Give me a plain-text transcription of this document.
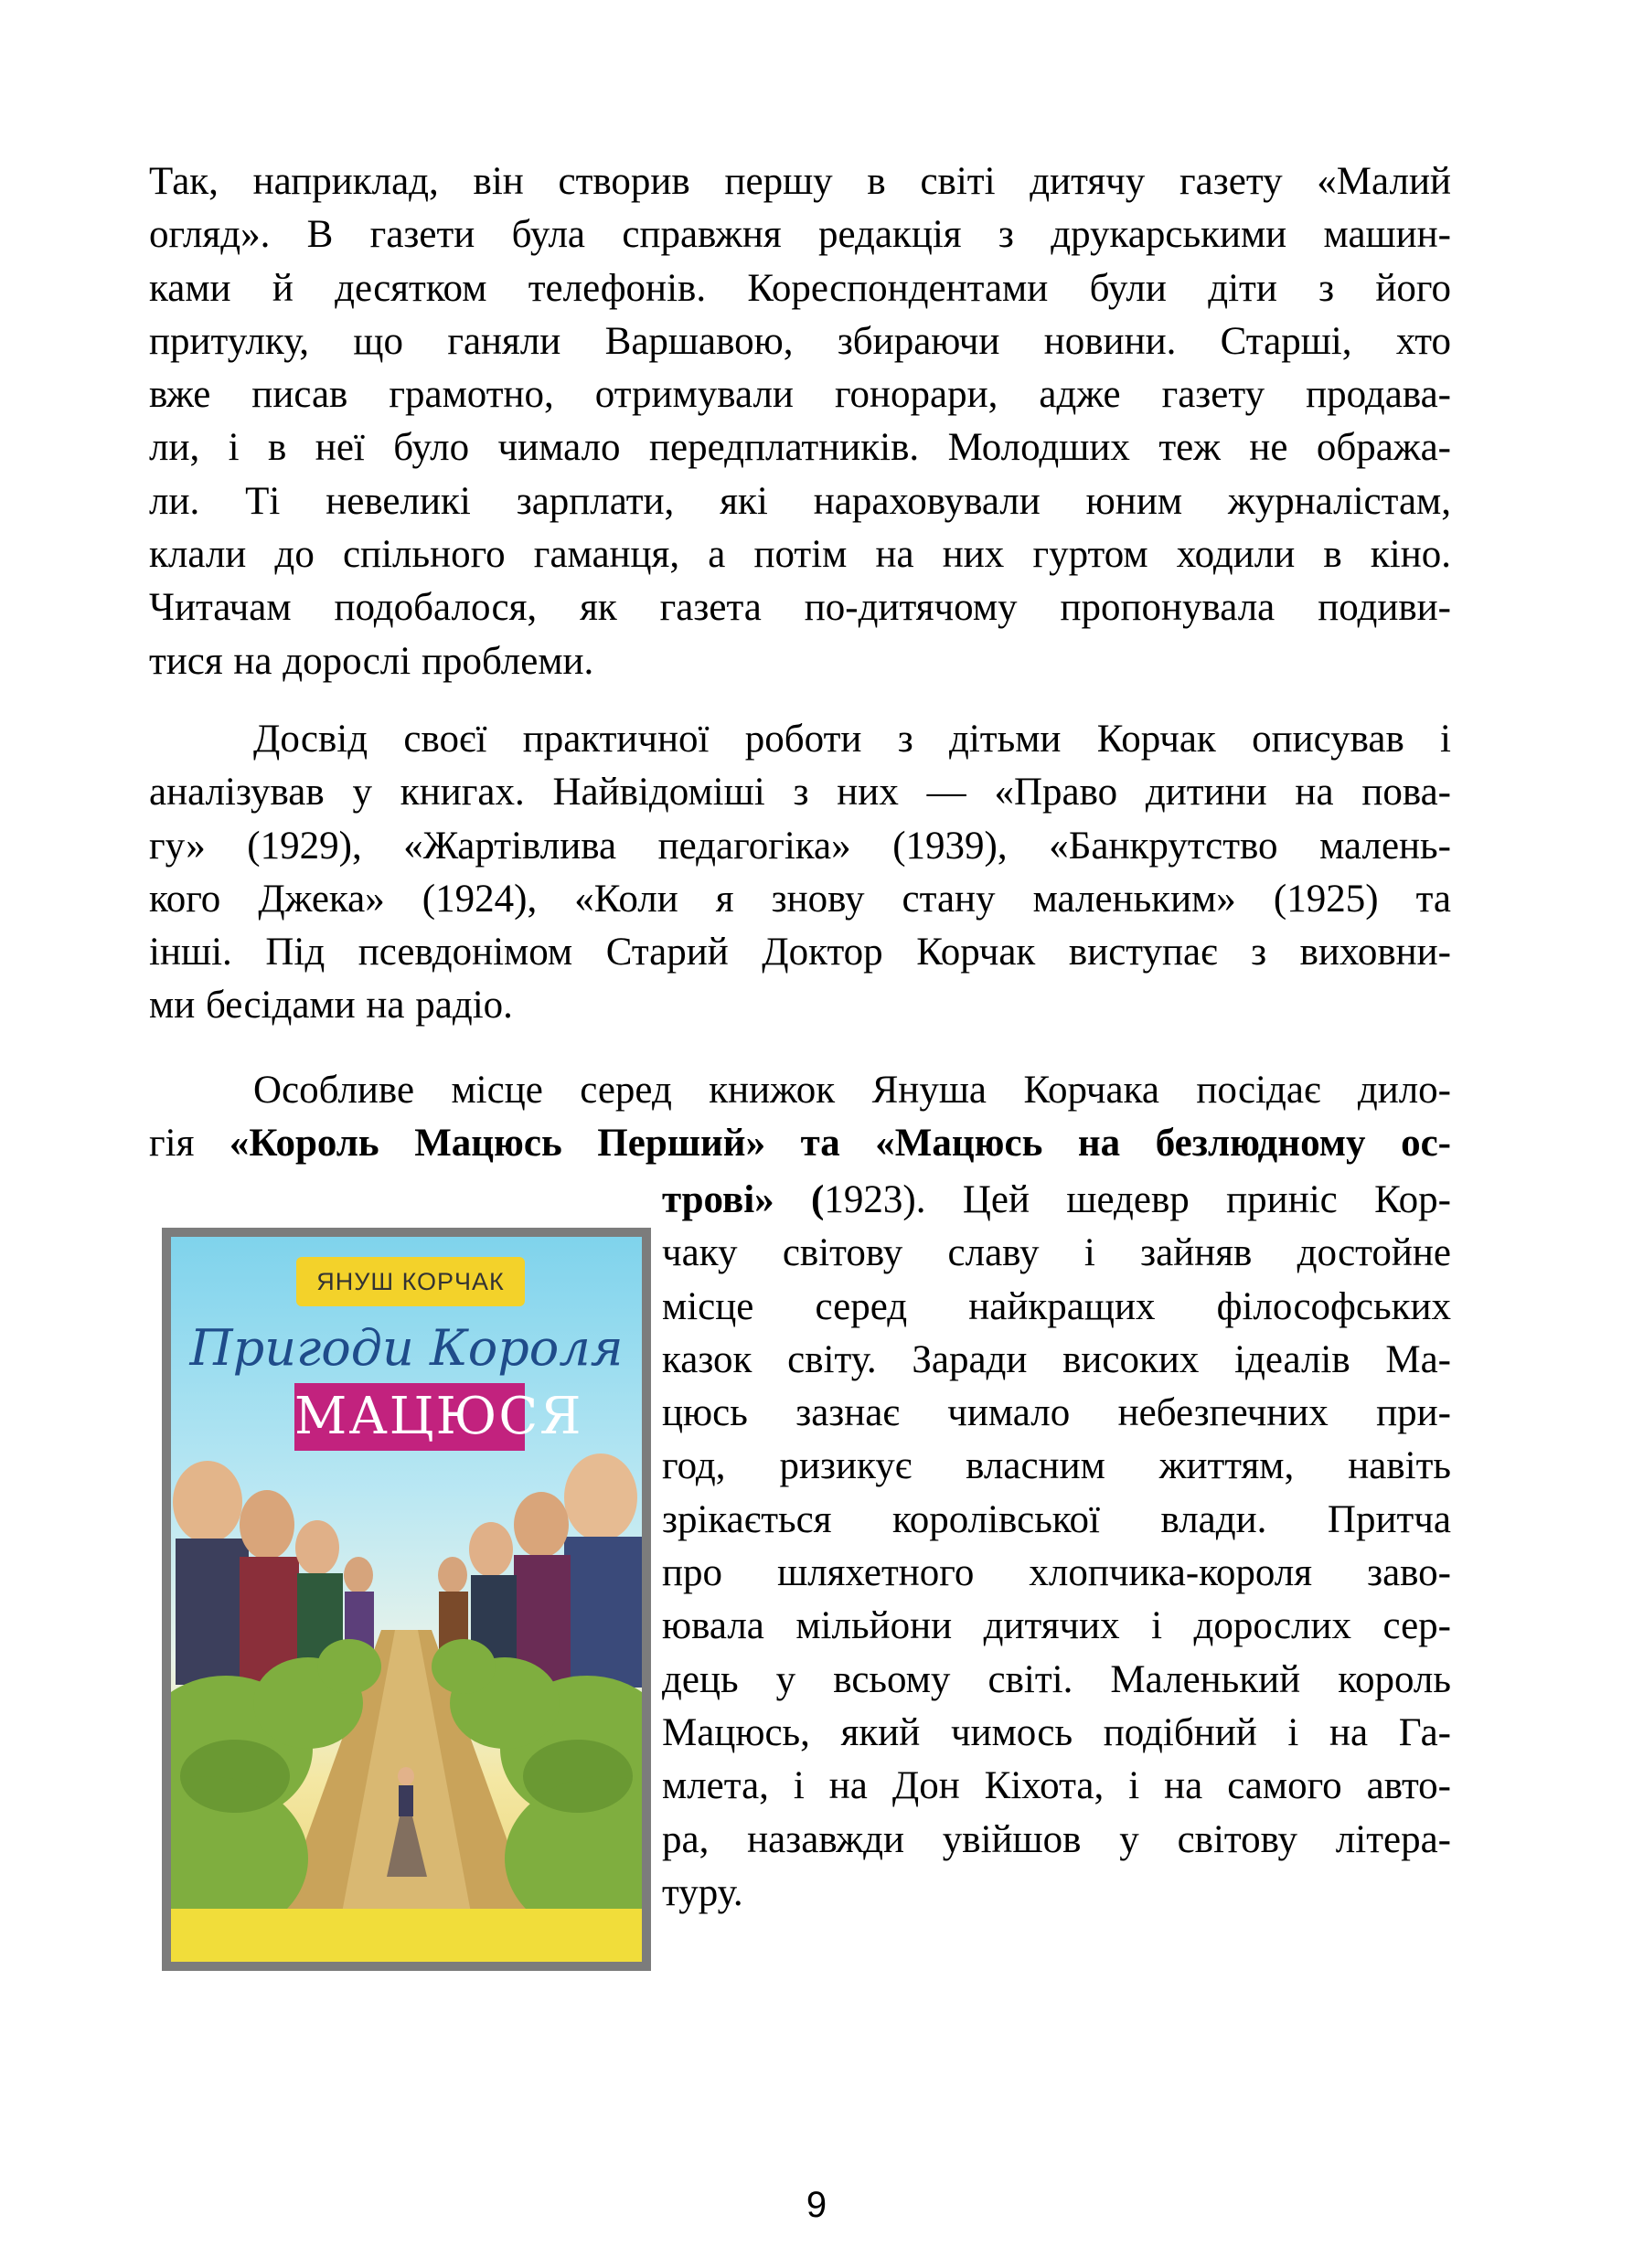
Так, наприклад, він створив першу в світі дитячу газету «Малий
огляд». В газети була справжня редакція з друкарськими машин-
ками й десятком телефонів. Кореспондентами були діти з його
притулку, що ганяли Варшавою, збираючи новини. Старші, хто
вже писав грамотно, отримували гонорари, адже газету продава-
ли, і в неї було чимало передплатників. Молодших теж не обража-
ли. Ті невеликі зарплати, які нараховували юним журналістам,
клали до спільного гаманця, а потім на них гуртом ходили в кіно.
Читачам подобалося, як газета по-дитячому пропонувала подиви-
тися на дорослі проблеми.
Досвід своєї практичної роботи з дітьми Корчак описував і
аналізував у книгах. Найвідоміші з них — «Право дитини на пова-
гу» (1929), «Жартівлива педагогіка» (1939), «Банкрутство малень-
кого Джека» (1924), «Коли я знову стану маленьким» (1925) та
інші. Під псевдонімом Старий Доктор Корчак виступає з виховни-
ми бесідами на радіо.
Особливе місце серед книжок Януша Корчака посідає дило-
гія «Король Мацюсь Перший» та «Мацюсь на безлюдному ос-
трові» (1923). Цей шедевр приніс Кор-
чаку світову славу і зайняв достойне
місце серед найкращих філософських
казок світу. Заради високих ідеалів Ма-
цюсь зазнає чимало небезпечних при-
год, ризикує власним життям, навіть
зрікається королівської влади. Притча
про шляхетного хлопчика-короля заво-
ювала мільйони дитячих і дорослих сер-
дець у всьому світі. Маленький король
Мацюсь, який чимось подібний і на Га-
млета, і на Дон Кіхота, і на самого авто-
ра, назавжди увійшов у світову літера-
туру.
ЯНУШ КОРЧАК
Пригоди Короля
МАЦЮСЯ
9
